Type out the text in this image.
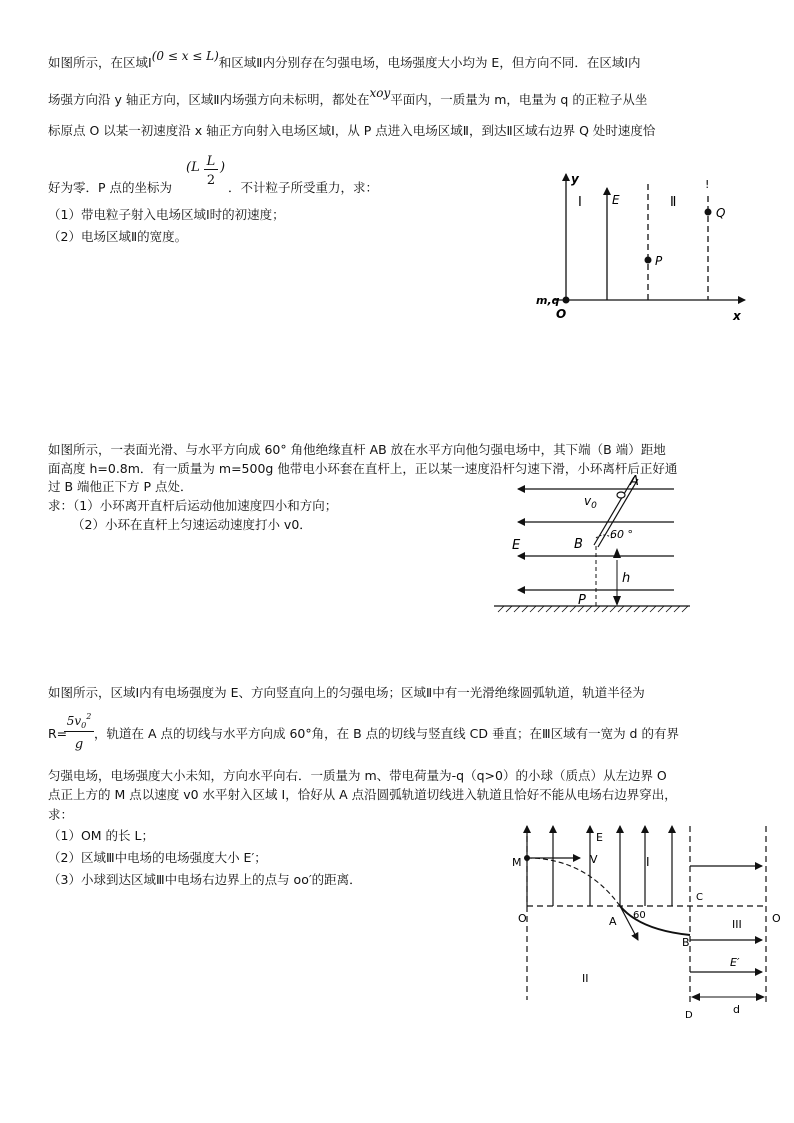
如图所示，在区域Ⅰ(0 ≤ x ≤ L)和区域Ⅱ内分别存在匀强电场，电场强度大小均为 E，但方向不同．在区域Ⅰ内
场强方向沿 y 轴正方向，区域Ⅱ内场强方向未标明，都处在xoy平面内，一质量为 m，电量为 q 的正粒子从坐
标原点 O 以某一初速度沿 x 轴正方向射入电场区域Ⅰ，从 P 点进入电场区域Ⅱ，到达Ⅱ区域右边界 Q 处时速度恰
好为零．P 点的坐标为
(L L
2
)
．不计粒子所受重力，求：
（1）带电粒子射入电场区域Ⅰ时的初速度；
（2）电场区域Ⅱ的宽度。
y
x
O
m,q
E
Ⅰ
P
Ⅱ
!
Q
如图所示，一表面光滑、与水平方向成 60° 角他绝缘直杆 AB 放在水平方向他匀强电场中，其下端（B 端）距地
面高度 h=0.8m．有一质量为 m=500g 他带电小环套在直杆上，正以某一速度沿杆匀速下滑，小环离杆后正好通
过 B 端他正下方 P 点处．
求：（1）小环离开直杆后运动他加速度四小和方向；
（2）小环在直杆上匀速运动速度打小 v0．
E
A
$v_0$
B
60 °
h
P
如图所示，区域Ⅰ内有电场强度为 E、方向竖直向上的匀强电场；区域Ⅱ中有一光滑绝缘圆弧轨道，轨道半径为
R=
$5v_0^2$
g
，轨道在 A 点的切线与水平方向成 60°角，在 B 点的切线与竖直线 CD 垂直；在Ⅲ区域有一宽为 d 的有界
匀强电场，电场强度大小未知，方向水平向右．一质量为 m、带电荷量为-q（q>0）的小球（质点）从左边界 O
点正上方的 M 点以速度 v0 水平射入区域 I，恰好从 A 点沿圆弧轨道切线进入轨道且恰好不能从电场右边界穿出，
求：
（1）OM 的长 L；
（2）区域Ⅲ中电场的电场强度大小 E′；
（3）小球到达区域Ⅲ中电场右边界上的点与 oo′的距离．
E
I
M	V
O	O
A 60
C
B
D
III
E′
d
II
